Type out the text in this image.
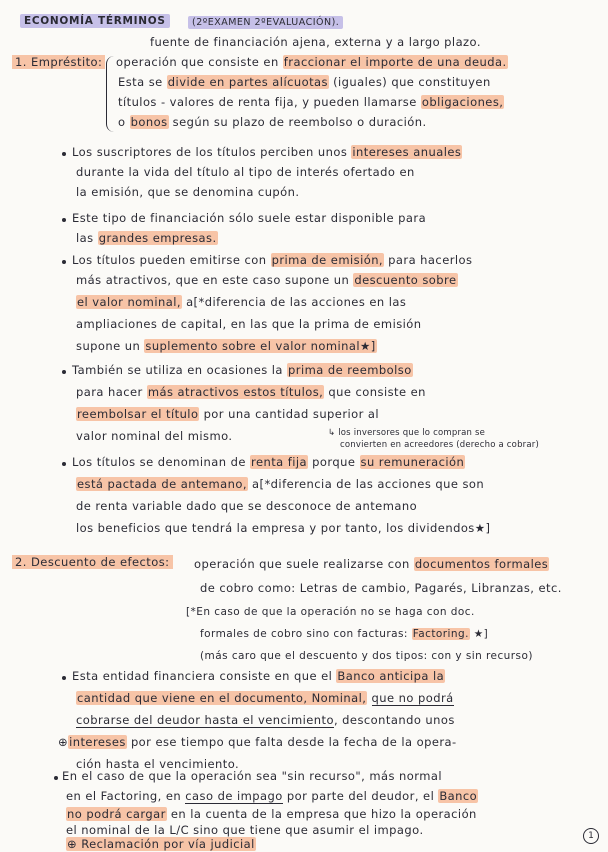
ECONOMÍA TÉRMINOS	(2ºEXAMEN 2ºEVALUACIÓN).
fuente de financiación ajena, externa y a largo plazo.
1. Empréstito: operación que consiste en fraccionar el importe de una deuda.
Esta se divide en partes alícuotas (iguales) que constituyen
títulos - valores de renta fija, y pueden llamarse obligaciones,
o bonos según su plazo de reembolso o duración.
Los suscriptores de los títulos perciben unos intereses anuales
durante la vida del título al tipo de interés ofertado en
la emisión, que se denomina cupón.
Este tipo de financiación sólo suele estar disponible para
las grandes empresas.
Los títulos pueden emitirse con prima de emisión, para hacerlos
más atractivos, que en este caso supone un descuento sobre
el valor nominal, a[*diferencia de las acciones en las
ampliaciones de capital, en las que la prima de emisión
supone un suplemento sobre el valor nominal★]
También se utiliza en ocasiones la prima de reembolso
para hacer más atractivos estos títulos, que consiste en
reembolsar el título por una cantidad superior al
valor nominal del mismo.	↳ los inversores que lo compran se
convierten en acreedores (derecho a cobrar)
Los títulos se denominan de renta fija porque su remuneración
está pactada de antemano, a[*diferencia de las acciones que son
de renta variable dado que se desconoce de antemano
los beneficios que tendrá la empresa y por tanto, los dividendos★]
2. Descuento de efectos: operación que suele realizarse con documentos formales
de cobro como: Letras de cambio, Pagarés, Libranzas, etc.
[*En caso de que la operación no se haga con doc.
formales de cobro sino con facturas: Factoring. ★]
(más caro que el descuento y dos tipos: con y sin recurso)
Esta entidad financiera consiste en que el Banco anticipa la
cantidad que viene en el documento, Nominal, que no podrá
cobrarse del deudor hasta el vencimiento, descontando unos
⊕intereses por ese tiempo que falta desde la fecha de la opera-
ción hasta el vencimiento.
En el caso de que la operación sea "sin recurso", más normal
en el Factoring, en caso de impago por parte del deudor, el Banco
no podrá cargar en la cuenta de la empresa que hizo la operación
el nominal de la L/C sino que tiene que asumir el impago.
⊕ Reclamación por vía judicial
1
